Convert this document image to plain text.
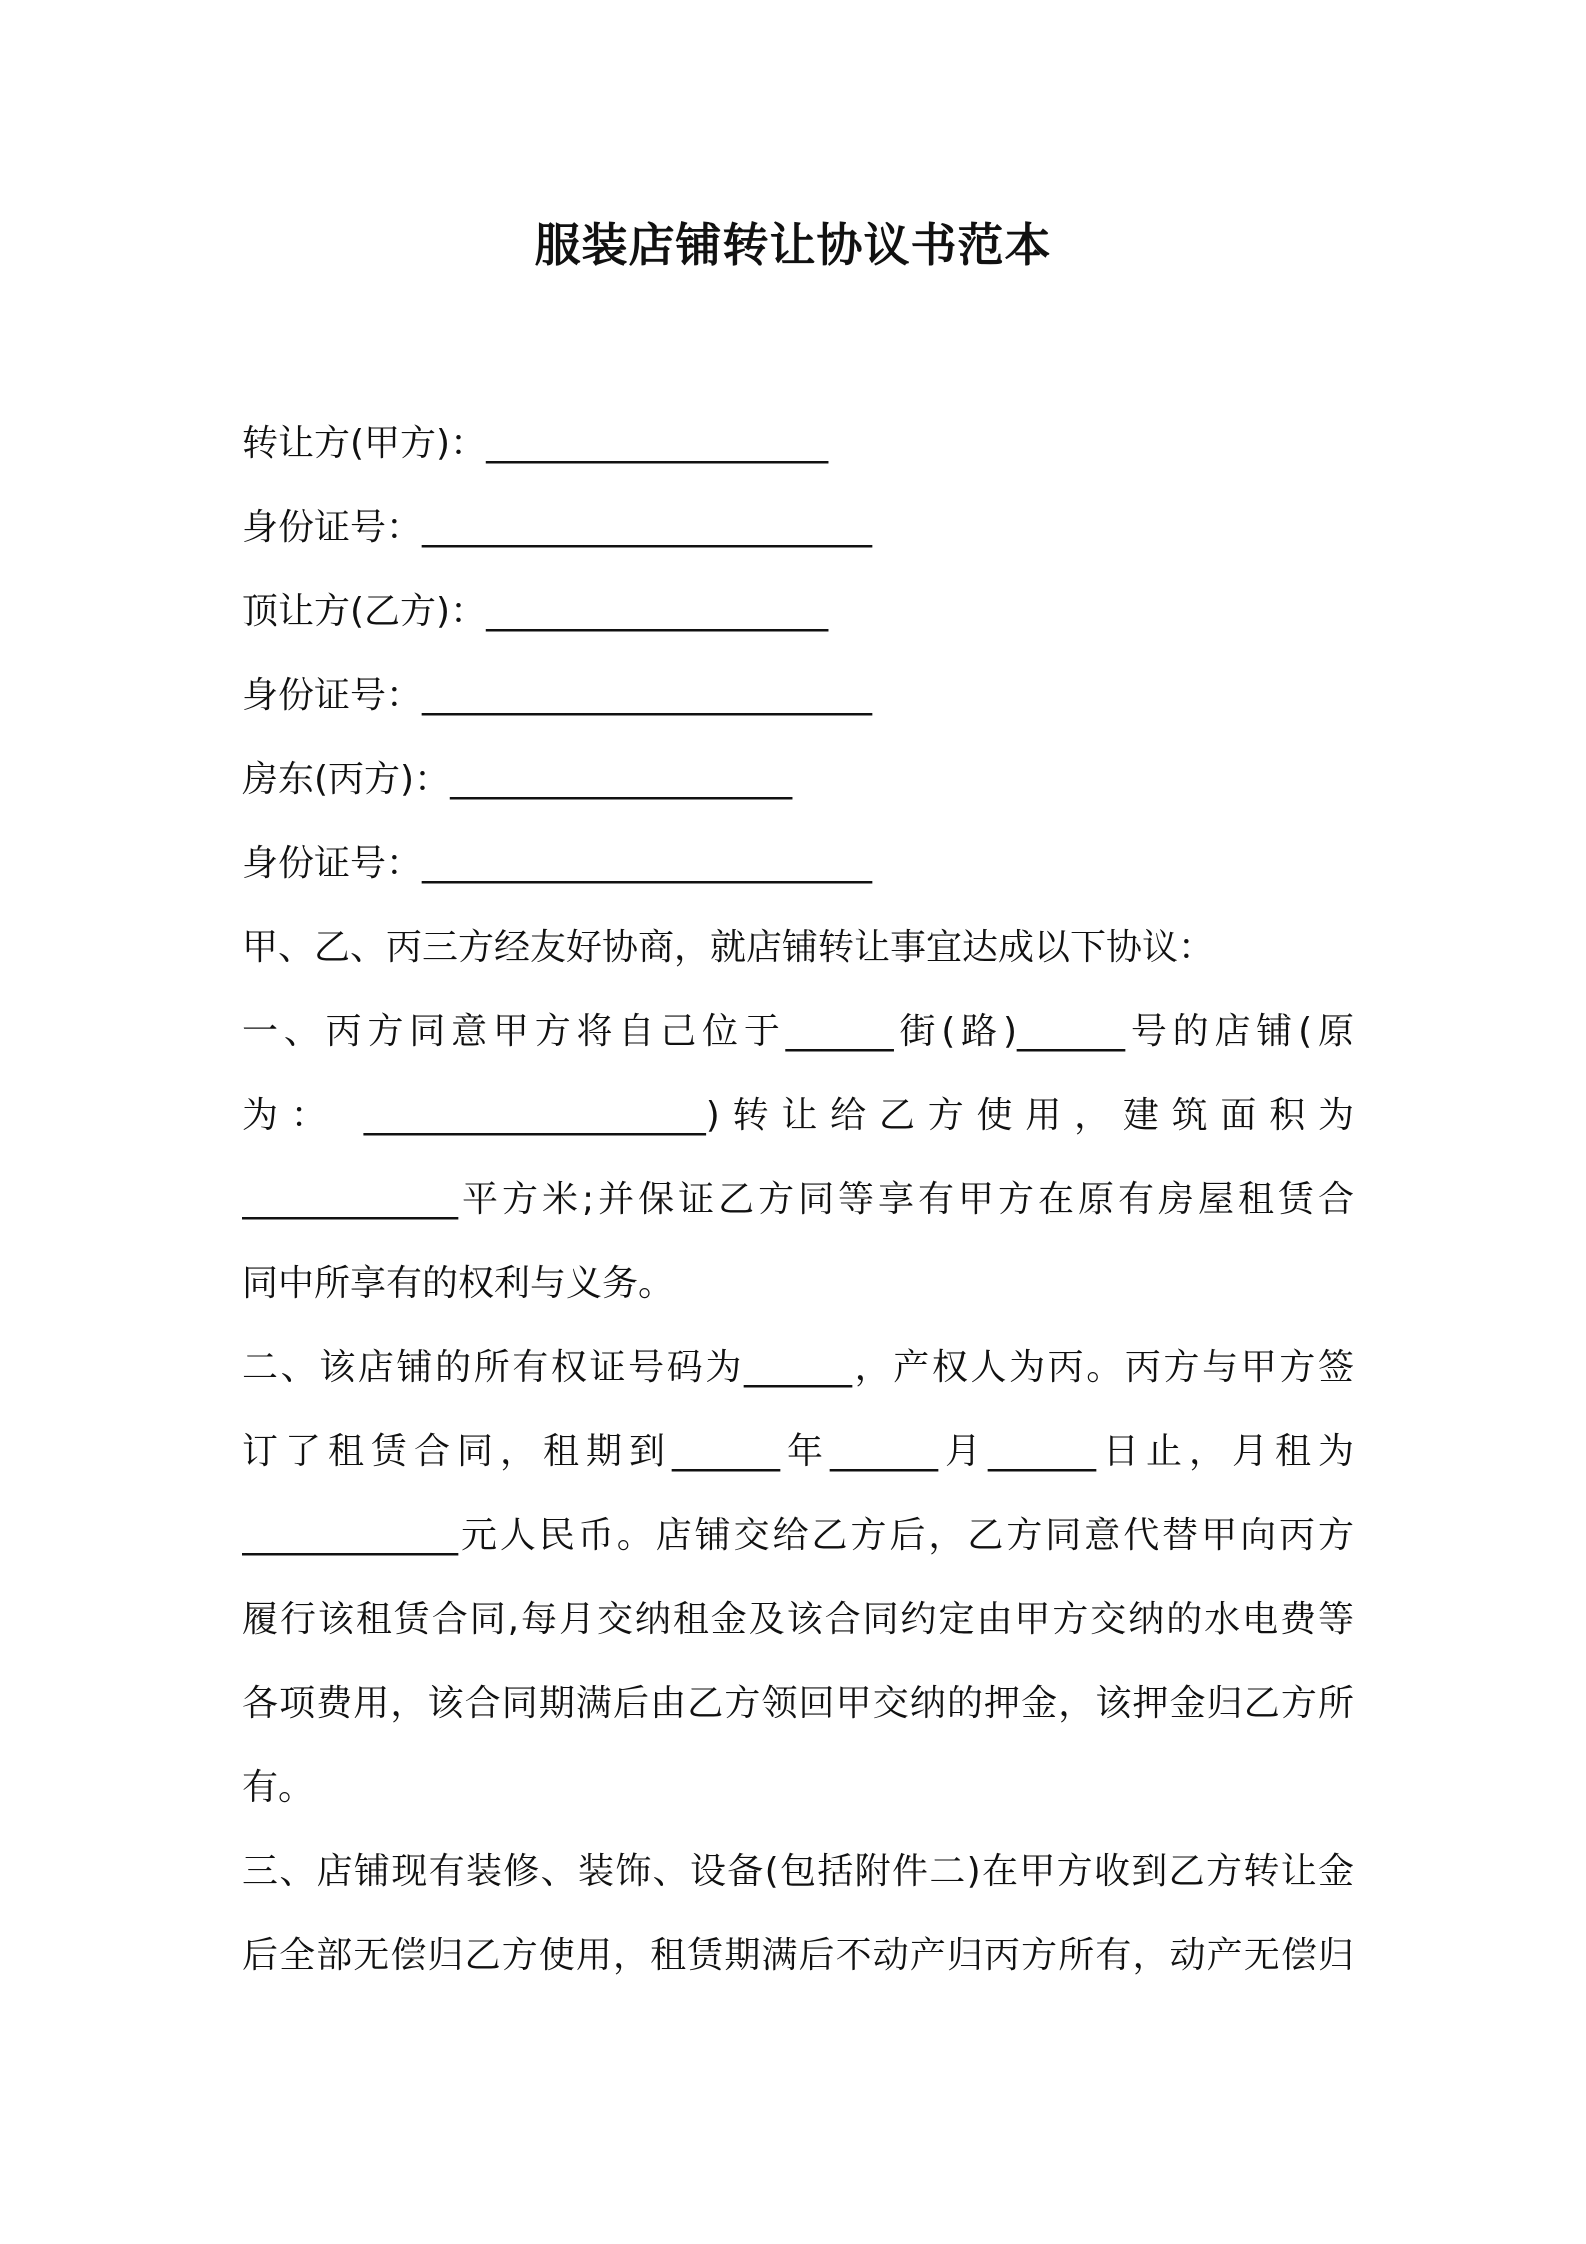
服装店铺转让协议书范本
转让方(甲方)：___________________
身份证号：_________________________
顶让方(乙方)：___________________
身份证号：_________________________
房东(丙方)：___________________
身份证号：_________________________
甲、乙、丙三方经友好协商，就店铺转让事宜达成以下协议：
一、丙方同意甲方将自己位于______街(路)______号的店铺(原
为： ___________________)转让给乙方使用，建筑面积为
____________平方米;并保证乙方同等享有甲方在原有房屋租赁合
同中所享有的权利与义务。
二、该店铺的所有权证号码为______，产权人为丙。丙方与甲方签
订了租赁合同，租期到______年______月______日止，月租为
____________元人民币。店铺交给乙方后，乙方同意代替甲向丙方
履行该租赁合同,每月交纳租金及该合同约定由甲方交纳的水电费等
各项费用，该合同期满后由乙方领回甲交纳的押金，该押金归乙方所
有。
三、店铺现有装修、装饰、设备(包括附件二)在甲方收到乙方转让金
后全部无偿归乙方使用，租赁期满后不动产归丙方所有，动产无偿归
